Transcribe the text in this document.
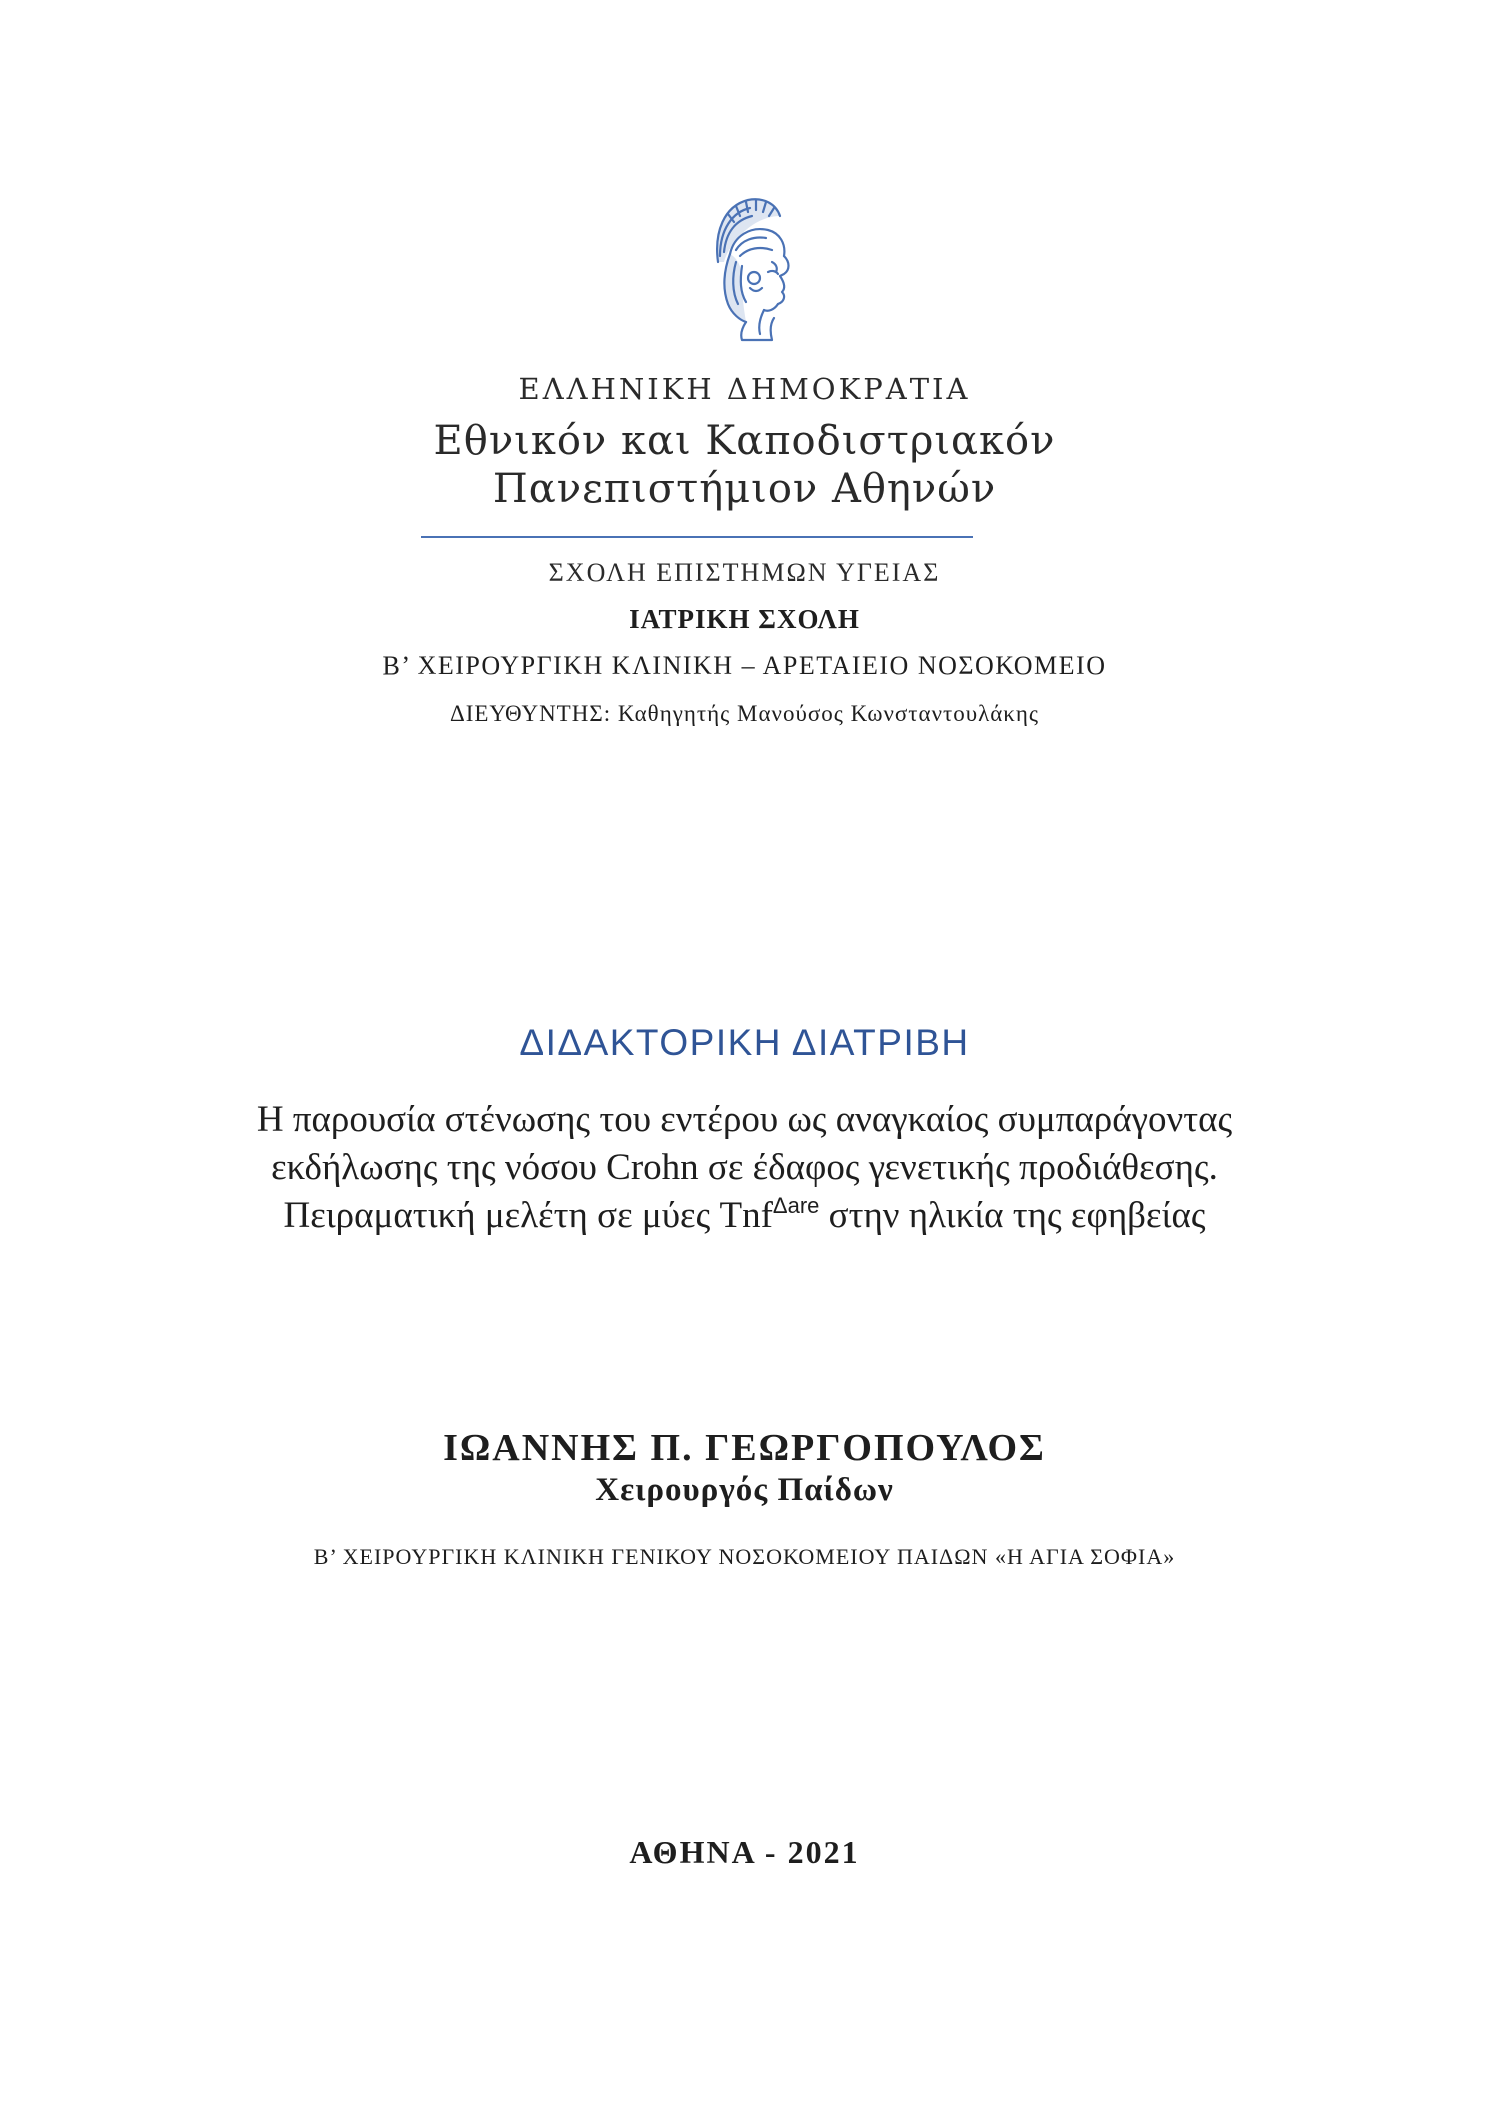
ΕΛΛΗΝΙΚΗ ΔΗΜΟΚΡΑΤΙΑ
Εθνικόν και Καποδιστριακόν
Πανεπιστήμιον Αθηνών
ΣΧΟΛΗ ΕΠΙΣΤΗΜΩΝ ΥΓΕΙΑΣ
ΙΑΤΡΙΚΗ ΣΧΟΛΗ
Β’ ΧΕΙΡΟΥΡΓΙΚΗ ΚΛΙΝΙΚΗ – ΑΡΕΤΑΙΕΙΟ ΝΟΣΟΚΟΜΕΙΟ
ΔΙΕΥΘΥΝΤΗΣ: Καθηγητής Μανούσος Κωνσταντουλάκης
ΔΙΔΑΚΤΟΡΙΚΗ ΔΙΑΤΡΙΒΗ
Η παρουσία στένωσης του εντέρου ως αναγκαίος συμπαράγοντας
εκδήλωσης της νόσου Crohn σε έδαφος γενετικής προδιάθεσης.
Πειραματική μελέτη σε μύες Tnf$^{\Delta are}$ στην ηλικία της εφηβείας
ΙΩΑΝΝΗΣ Π. ΓΕΩΡΓΟΠΟΥΛΟΣ
Χειρουργός Παίδων
Β’ ΧΕΙΡΟΥΡΓΙΚΗ ΚΛΙΝΙΚΗ ΓΕΝΙΚΟΥ ΝΟΣΟΚΟΜΕΙΟΥ ΠΑΙΔΩΝ «Η ΑΓΙΑ ΣΟΦΙΑ»
ΑΘΗΝΑ - 2021
